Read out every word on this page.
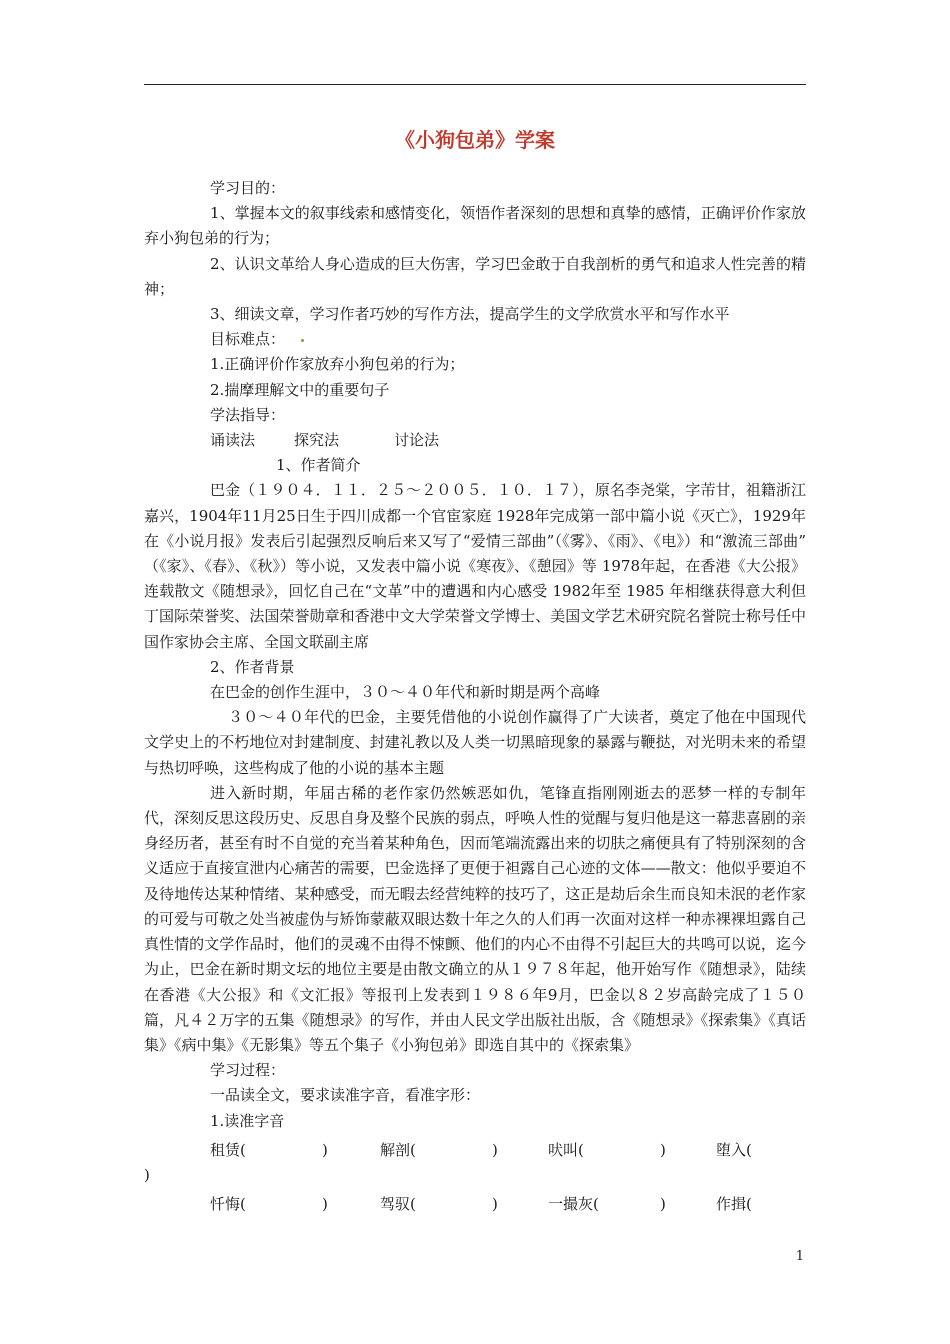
《小狗包弟》学案

学习目的：

1、掌握本文的叙事线索和感情变化，领悟作者深刻的思想和真挚的感情，正确评价作家放弃小狗包弟的行为；

2、认识文革给人身心造成的巨大伤害，学习巴金敢于自我剖析的勇气和追求人性完善的精神；

3、细读文章，学习作者巧妙的写作方法，提高学生的文学欣赏水平和写作水平

目标难点：

1.正确评价作家放弃小狗包弟的行为；

2.揣摩理解文中的重要句子

学法指导：

诵读法	探究法	讨论法

1、作者简介

巴金（１９０４．１１．２５～２００５．１０．１７），原名李尧棠，字芾甘，祖籍浙江嘉兴，1904年11月25日生于四川成都一个官宦家庭 1928年完成第一部中篇小说《灭亡》，1929年在《小说月报》发表后引起强烈反响后来又写了“爱情三部曲”（《雾》、《雨》、《电》）和“激流三部曲” （《家》、《春》、《秋》）等小说，又发表中篇小说《寒夜》、《憩园》等 1978年起，在香港《大公报》连载散文《随想录》，回忆自己在“文革”中的遭遇和内心感受 1982年至 1985 年相继获得意大利但丁国际荣誉奖、法国荣誉勋章和香港中文大学荣誉文学博士、美国文学艺术研究院名誉院士称号任中国作家协会主席、全国文联副主席

2、作者背景

在巴金的创作生涯中，３０～４０年代和新时期是两个高峰

３０～４０年代的巴金，主要凭借他的小说创作赢得了广大读者，奠定了他在中国现代文学史上的不朽地位对封建制度、封建礼教以及人类一切黑暗现象的暴露与鞭挞，对光明未来的希望与热切呼唤，这些构成了他的小说的基本主题

进入新时期，年届古稀的老作家仍然嫉恶如仇，笔锋直指刚刚逝去的恶梦一样的专制年代，深刻反思这段历史、反思自身及整个民族的弱点，呼唤人性的觉醒与复归他是这一幕悲喜剧的亲身经历者，甚至有时不自觉的充当着某种角色，因而笔端流露出来的切肤之痛便具有了特别深刻的含义适应于直接宣泄内心痛苦的需要，巴金选择了更便于袒露自己心迹的文体——散文：他似乎要迫不及待地传达某种情绪、某种感受，而无暇去经营纯粹的技巧了，这正是劫后余生而良知未泯的老作家的可爱与可敬之处当被虚伪与矫饰蒙蔽双眼达数十年之久的人们再一次面对这样一种赤裸裸坦露自己真性情的文学作品时，他们的灵魂不由得不悚颤、他们的内心不由得不引起巨大的共鸣可以说，迄今为止，巴金在新时期文坛的地位主要是由散文确立的从１９７８年起，他开始写作《随想录》，陆续在香港《大公报》和《文汇报》等报刊上发表到１９８６年9月，巴金以８２岁高龄完成了１５０篇，凡４２万字的五集《随想录》的写作，并由人民文学出版社出版，含《随想录》《探索集》《真话集》《病中集》《无影集》等五个集子《小狗包弟》即选自其中的《探索集》

学习过程：

一品读全文，要求读准字音，看准字形：

1.读准字音

租赁(	)	解剖(	)	吠叫(	)	堕入(

)

忏悔(	)	驾驭(	)	一撮灰(	)	作揖(
1
